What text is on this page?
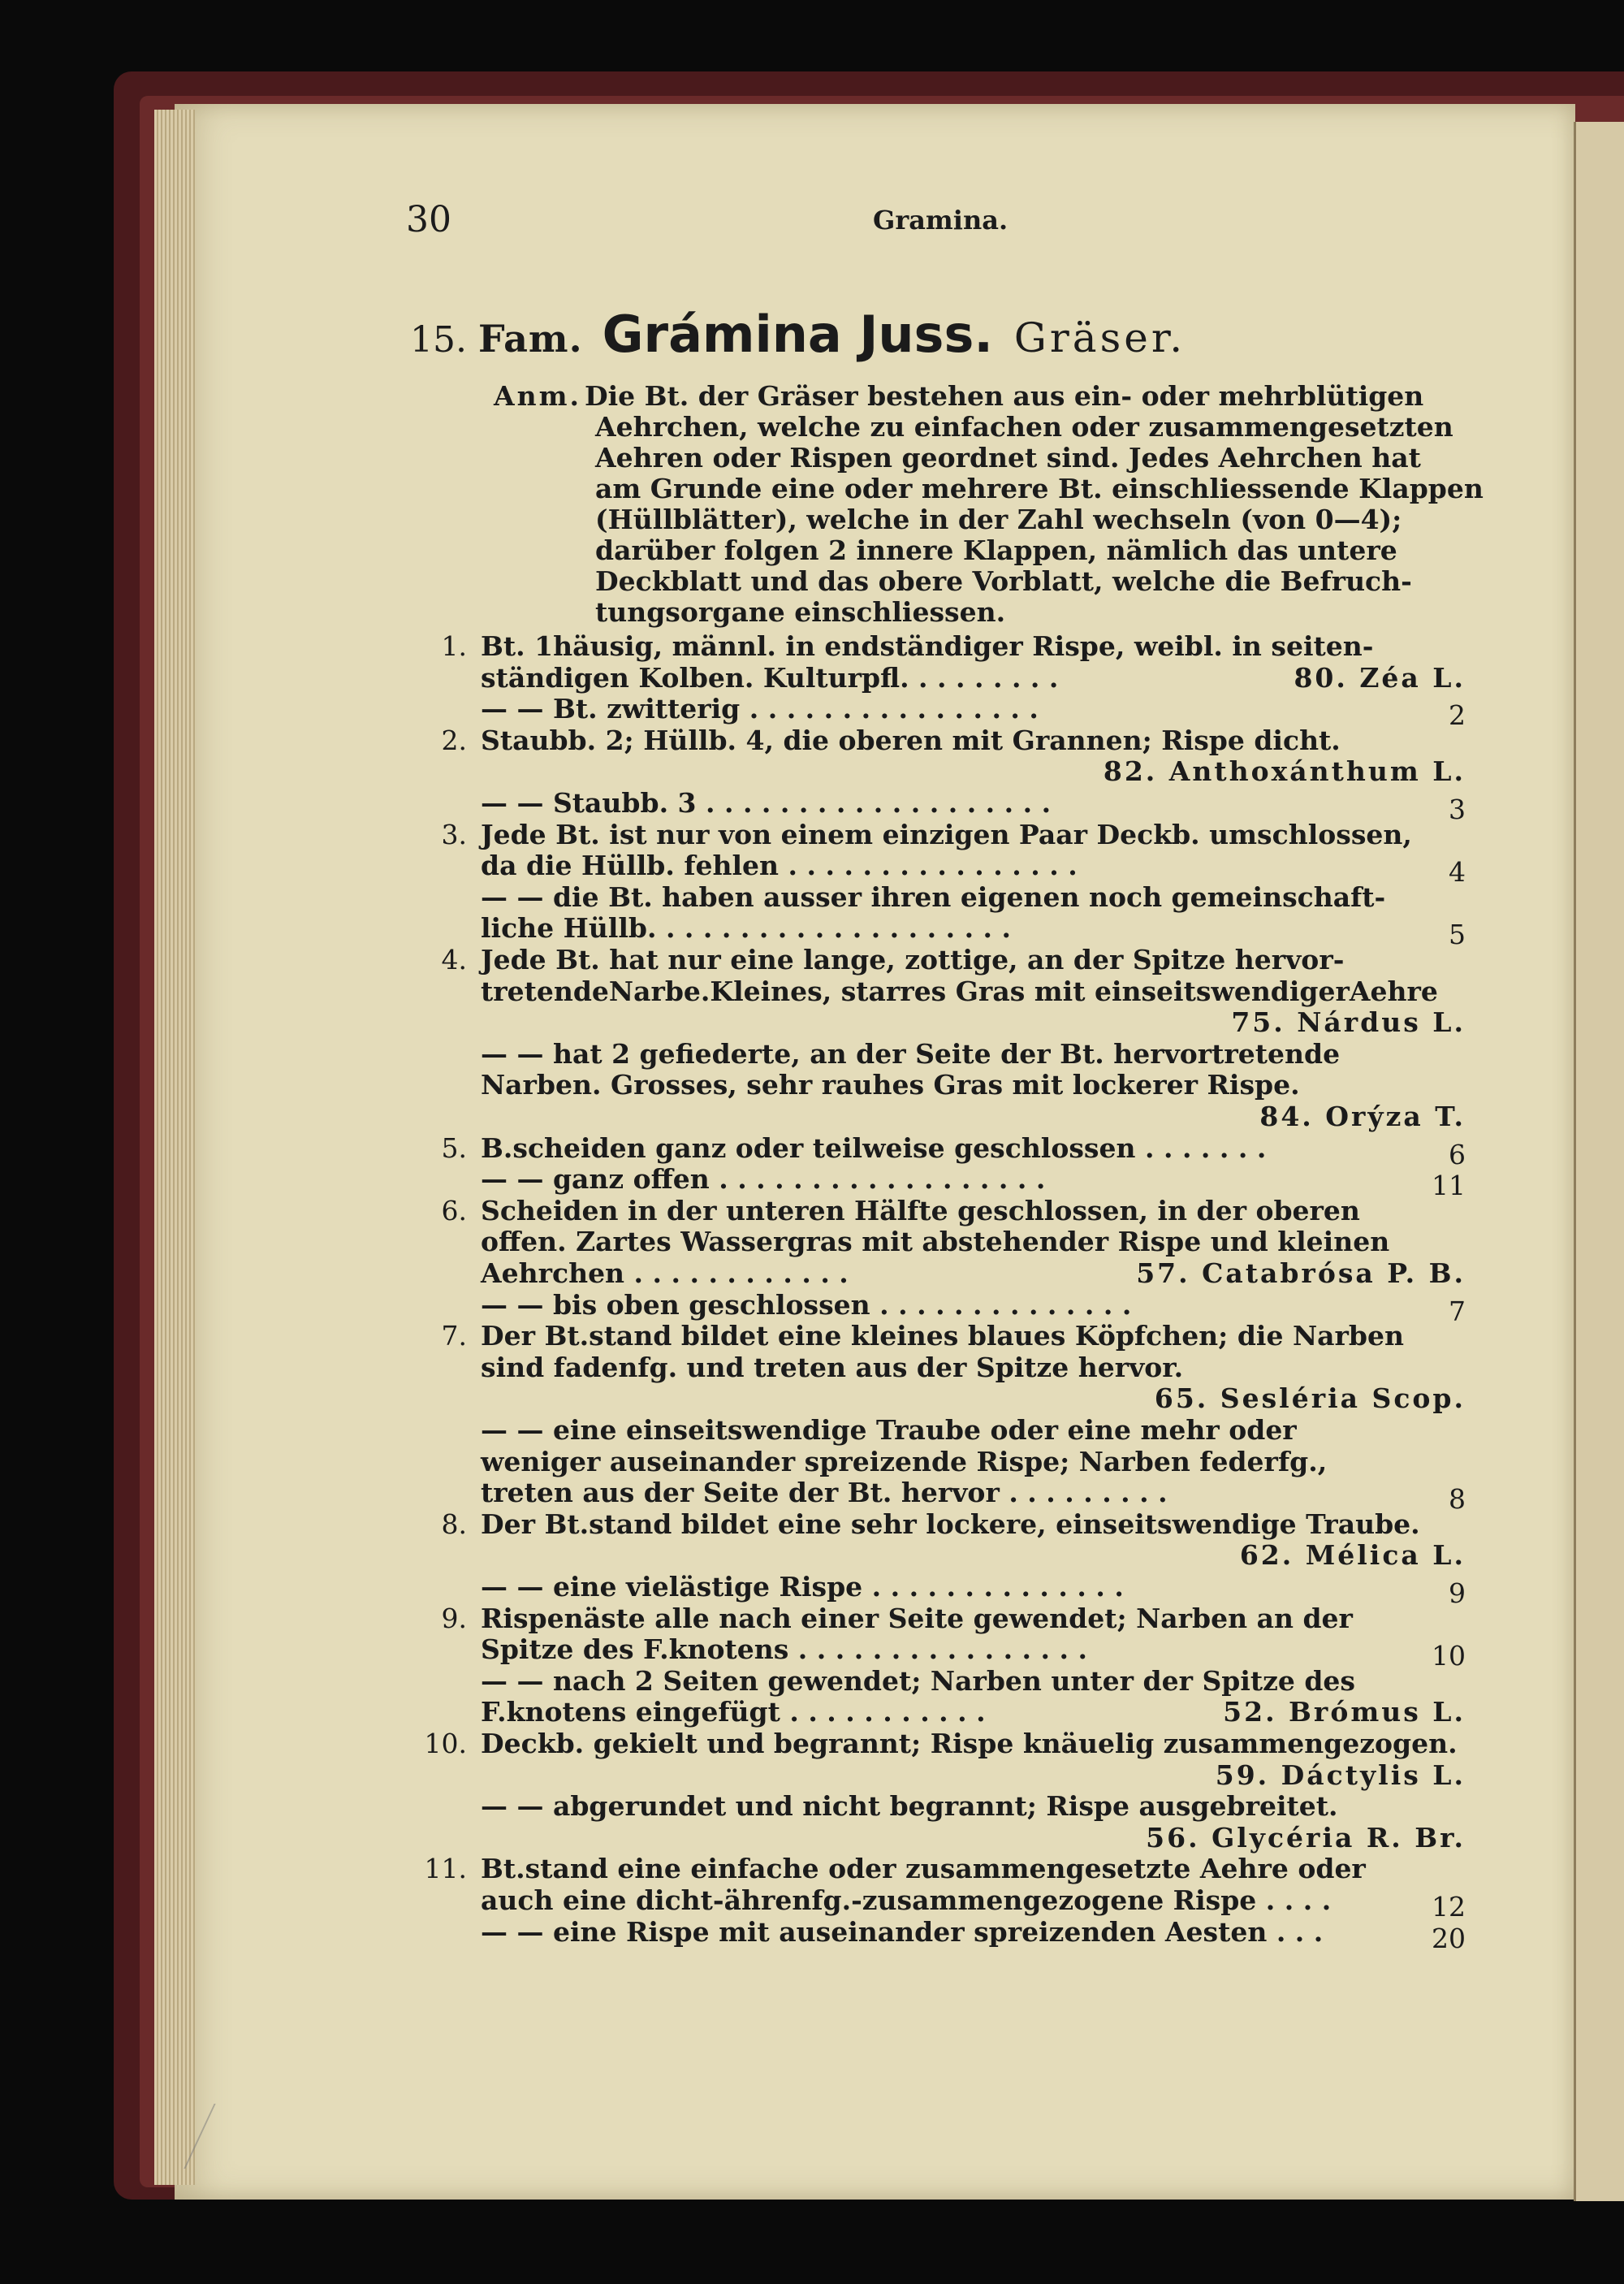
30	Gramina.
15. Fam. Grámina Juss. Gräser.
Anm. Die Bt. der Gräser bestehen aus ein- oder mehrblütigen
Aehrchen, welche zu einfachen oder zusammengesetzten
Aehren oder Rispen geordnet sind. Jedes Aehrchen hat
am Grunde eine oder mehrere Bt. einschliessende Klappen
(Hüllblätter), welche in der Zahl wechseln (von 0—4);
darüber folgen 2 innere Klappen, nämlich das untere
Deckblatt und das obere Vorblatt, welche die Befruch-
tungsorgane einschliessen.
1. Bt. 1häusig, männl. in endständiger Rispe, weibl. in seiten-
ständigen Kolben. Kulturpfl. . . . . . . . .	80. Zéa L.
— — Bt. zwitterig . . . . . . . . . . . . . . . .	2
2. Staubb. 2; Hüllb. 4, die oberen mit Grannen; Rispe dicht.
82. Anthoxánthum L.
— — Staubb. 3 . . . . . . . . . . . . . . . . . . .	3
3. Jede Bt. ist nur von einem einzigen Paar Deckb. umschlossen,
da die Hüllb. fehlen . . . . . . . . . . . . . . . .	4
— — die Bt. haben ausser ihren eigenen noch gemeinschaft-
liche Hüllb. . . . . . . . . . . . . . . . . . . .	5
4. Jede Bt. hat nur eine lange, zottige, an der Spitze hervor-
tretendeNarbe.Kleines, starres Gras mit einseitswendigerAehre
75. Nárdus L.
— — hat 2 gefiederte, an der Seite der Bt. hervortretende
Narben. Grosses, sehr rauhes Gras mit lockerer Rispe.
84. Orýza T.
5. B.scheiden ganz oder teilweise geschlossen . . . . . . .	6
— — ganz offen . . . . . . . . . . . . . . . . . .	11
6. Scheiden in der unteren Hälfte geschlossen, in der oberen
offen. Zartes Wassergras mit abstehender Rispe und kleinen
Aehrchen . . . . . . . . . . . .	57. Catabrósa P. B.
— — bis oben geschlossen . . . . . . . . . . . . . .	7
7. Der Bt.stand bildet eine kleines blaues Köpfchen; die Narben
sind fadenfg. und treten aus der Spitze hervor.
65. Sesléria Scop.
— — eine einseitswendige Traube oder eine mehr oder
weniger auseinander spreizende Rispe; Narben federfg.,
treten aus der Seite der Bt. hervor . . . . . . . . .	8
8. Der Bt.stand bildet eine sehr lockere, einseitswendige Traube.
62. Mélica L.
— — eine vielästige Rispe . . . . . . . . . . . . . .	9
9. Rispenäste alle nach einer Seite gewendet; Narben an der
Spitze des F.knotens . . . . . . . . . . . . . . . .	10
— — nach 2 Seiten gewendet; Narben unter der Spitze des
F.knotens eingefügt . . . . . . . . . . .	52. Brómus L.
10. Deckb. gekielt und begrannt; Rispe knäuelig zusammengezogen.
59. Dáctylis L.
— — abgerundet und nicht begrannt; Rispe ausgebreitet.
56. Glycéria R. Br.
11. Bt.stand eine einfache oder zusammengesetzte Aehre oder
auch eine dicht-ährenfg.-zusammengezogene Rispe . . . .	12
— — eine Rispe mit auseinander spreizenden Aesten . . .	20
